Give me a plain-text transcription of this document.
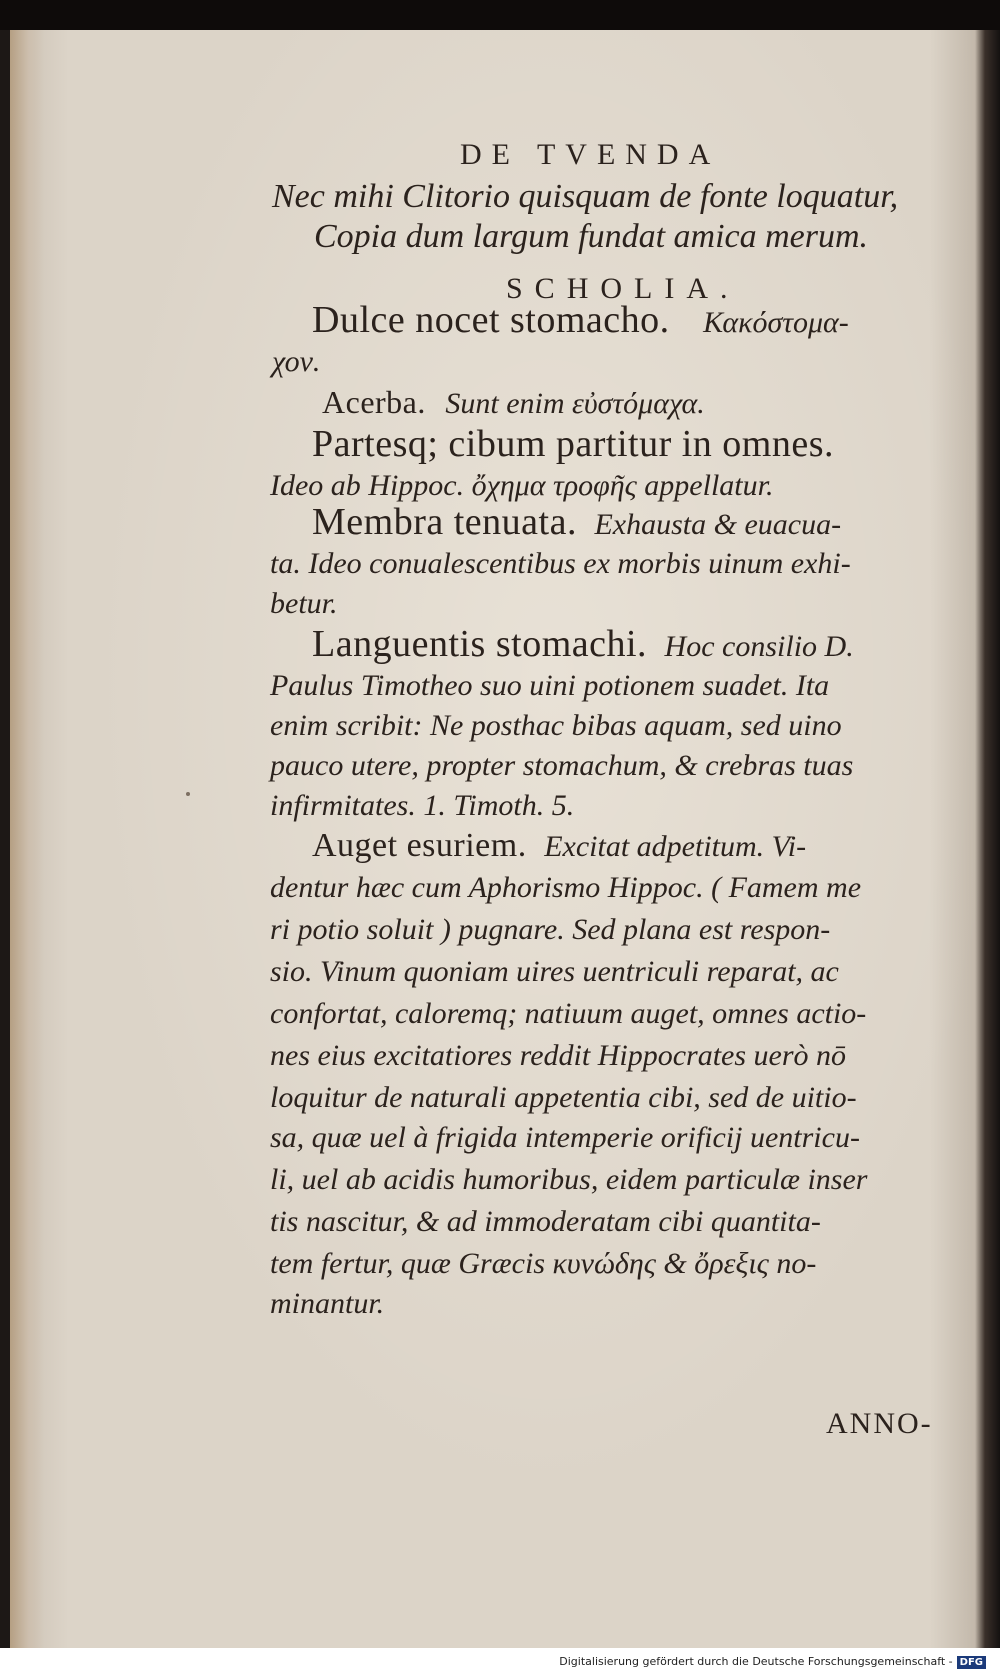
DE TVENDA
Nec mihi Clitorio quisquam de fonte loquatur,
Copia dum largum fundat amica merum.
SCHOLIA.
Dulce nocet stomacho. Κακόστομα-
χον.
Acerba. Sunt enim εὐστόμαχα.
Partesq; cibum partitur in omnes.
Ideo ab Hippoc. ὄχημα τροφῆς appellatur.
Membra tenuata. Exhausta & euacua-
ta. Ideo conualescentibus ex morbis uinum exhi-
betur.
Languentis stomachi. Hoc consilio D.
Paulus Timotheo suo uini potionem suadet. Ita
enim scribit: Ne posthac bibas aquam, sed uino
pauco utere, propter stomachum, & crebras tuas
infirmitates. 1. Timoth. 5.
Auget esuriem. Excitat adpetitum. Vi-
dentur hæc cum Aphorismo Hippoc. ( Famem me
ri potio soluit ) pugnare. Sed plana est respon-
sio. Vinum quoniam uires uentriculi reparat, ac
confortat, caloremq; natiuum auget, omnes actio-
nes eius excitatiores reddit Hippocrates uerò nō
loquitur de naturali appetentia cibi, sed de uitio-
sa, quæ uel à frigida intemperie orificij uentricu-
li, uel ab acidis humoribus, eidem particulæ inser
tis nascitur, & ad immoderatam cibi quantita-
tem fertur, quæ Græcis κυνώδης & ὄρεξις no-
minantur.
ANNO-
Digitalisierung gefördert durch die Deutsche Forschungsgemeinschaft - DFG
